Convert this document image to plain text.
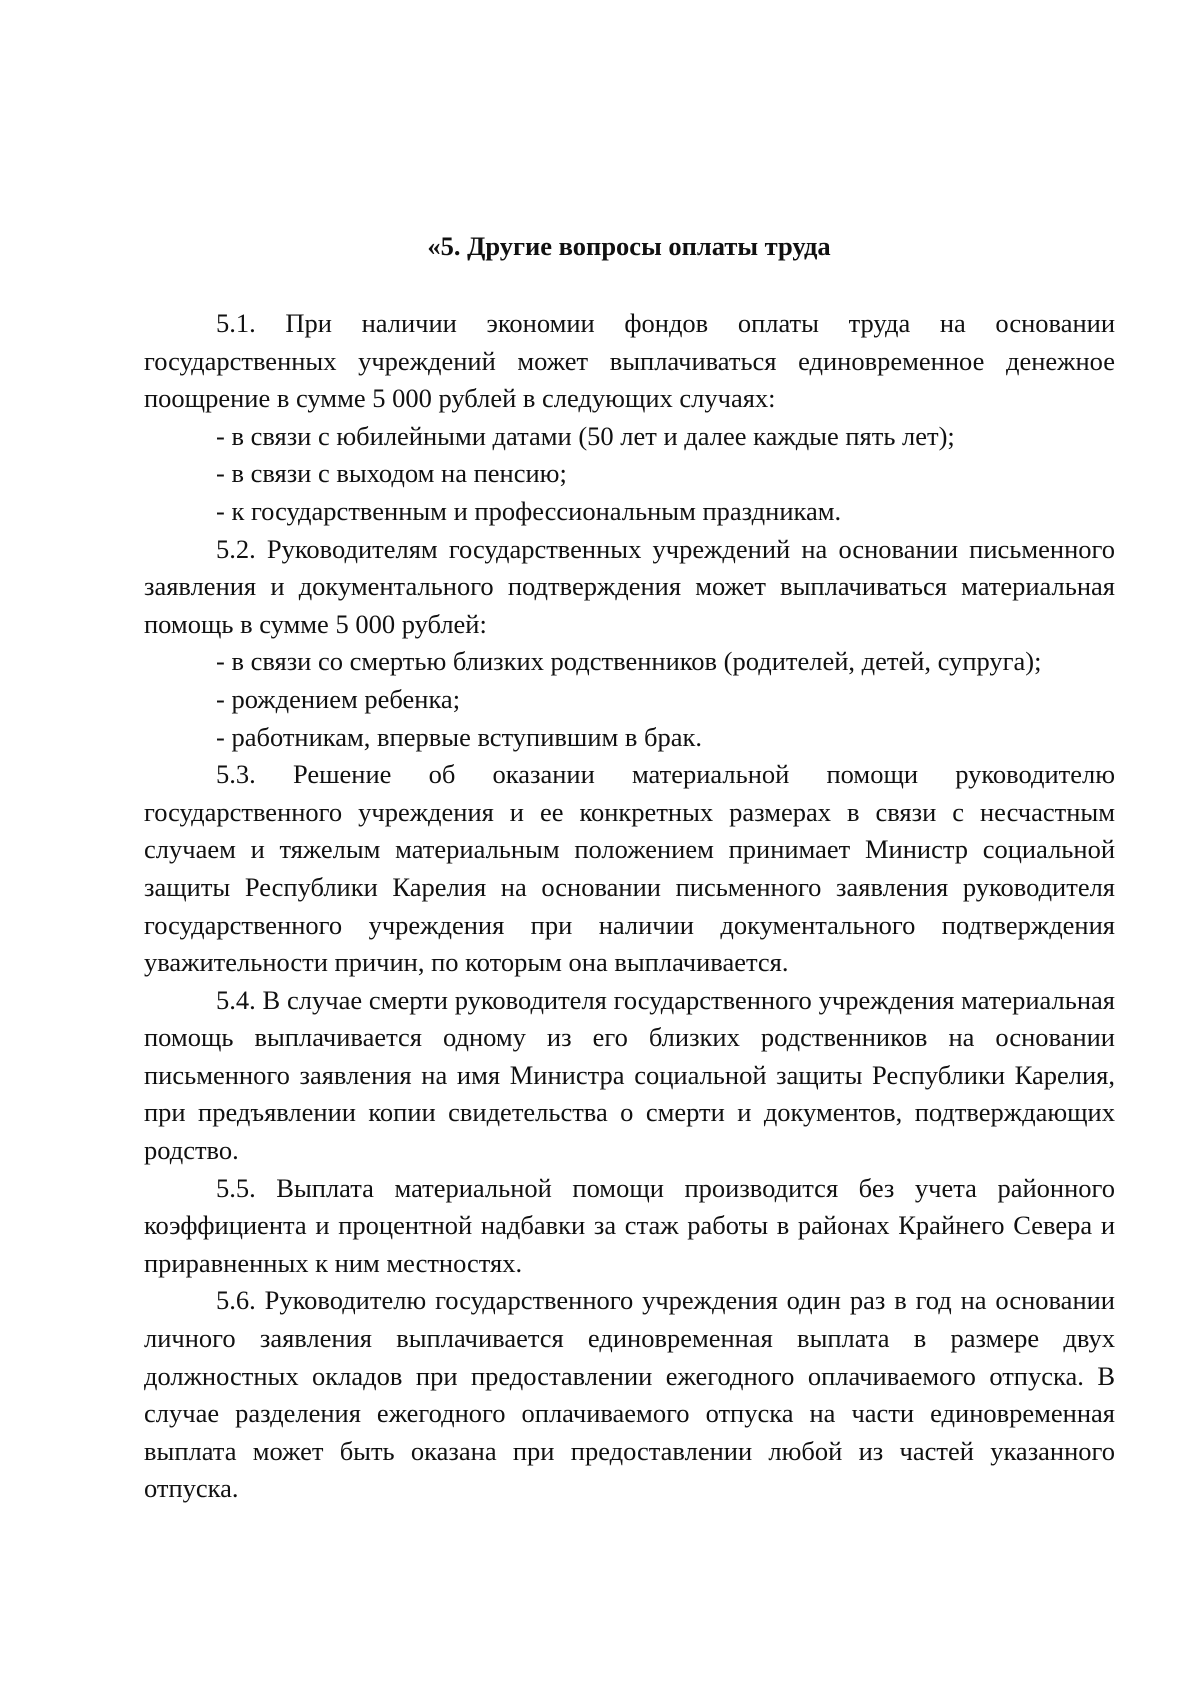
«5. Другие вопросы оплаты труда

5.1. При наличии экономии фондов оплаты труда на основании государственных учреждений может выплачиваться единовременное денежное поощрение в сумме 5 000 рублей в следующих случаях:

- в связи с юбилейными датами (50 лет и далее каждые пять лет);

- в связи с выходом на пенсию;

- к государственным и профессиональным праздникам.

5.2. Руководителям государственных учреждений на основании письменного заявления и документального подтверждения может выплачиваться материальная помощь в сумме 5 000 рублей:

- в связи со смертью близких родственников (родителей, детей, супруга);

- рождением ребенка;

- работникам, впервые вступившим в брак.

5.3. Решение об оказании материальной помощи руководителю государственного учреждения и ее конкретных размерах в связи с несчастным случаем и тяжелым материальным положением принимает Министр социальной защиты Республики Карелия на основании письменного заявления руководителя государственного учреждения при наличии документального подтверждения уважительности причин, по которым она выплачивается.

5.4. В случае смерти руководителя государственного учреждения материальная помощь выплачивается одному из его близких родственников на основании письменного заявления на имя Министра социальной защиты Республики Карелия, при предъявлении копии свидетельства о смерти и документов, подтверждающих родство.

5.5. Выплата материальной помощи производится без учета районного коэффициента и процентной надбавки за стаж работы в районах Крайнего Севера и приравненных к ним местностях.

5.6. Руководителю государственного учреждения один раз в год на основании личного заявления выплачивается единовременная выплата в размере двух должностных окладов при предоставлении ежегодного оплачиваемого отпуска. В случае разделения ежегодного оплачиваемого отпуска на части единовременная выплата может быть оказана при предоставлении любой из частей указанного отпуска.
